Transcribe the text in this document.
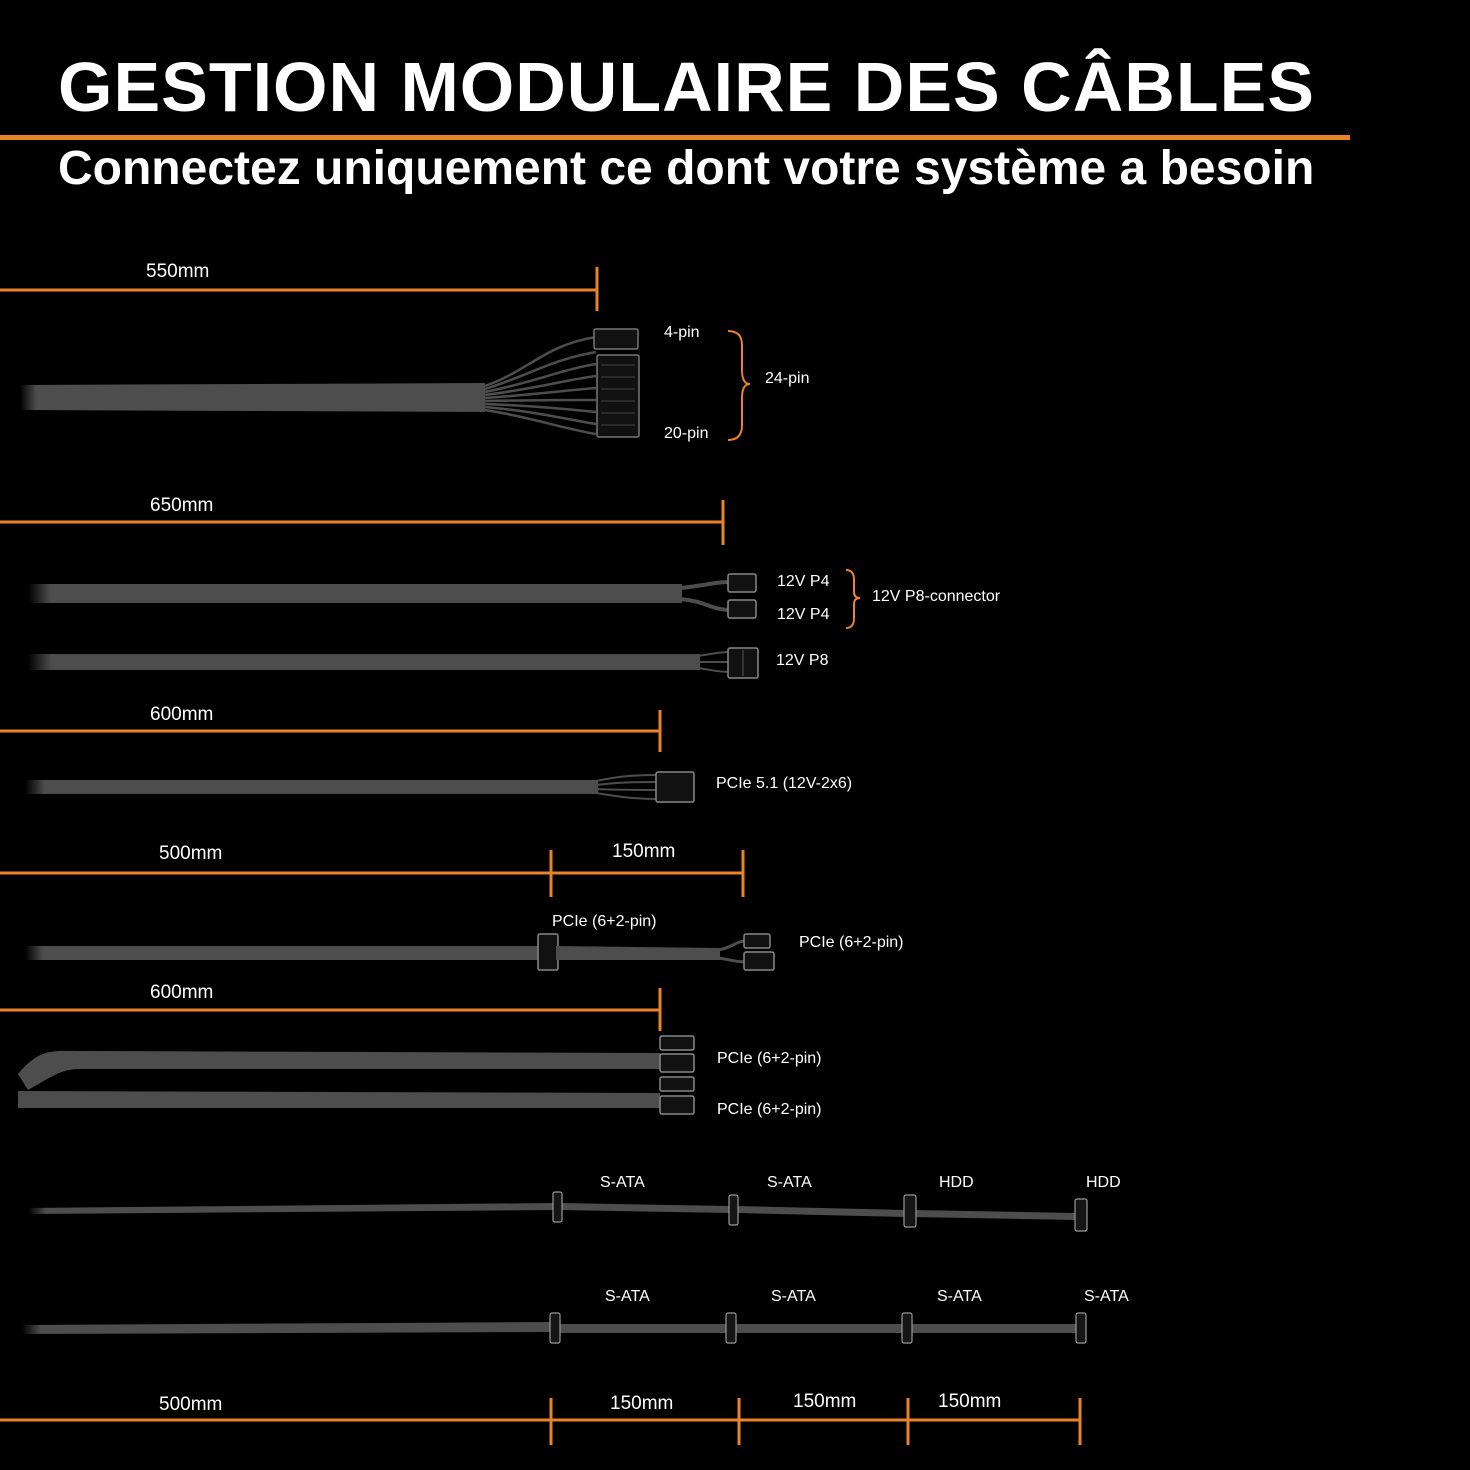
GESTION MODULAIRE DES CÂBLES
Connectez uniquement ce dont votre système a besoin
550mm
4-pin
20-pin
24-pin
650mm
12V P4
12V P4
12V P8-connector
12V P8
600mm
PCIe 5.1 (12V-2x6)
500mm	150mm
PCIe (6+2-pin)
PCIe (6+2-pin)
600mm
PCIe (6+2-pin)
PCIe (6+2-pin)
S-ATA	S-ATA	HDD	HDD
S-ATA	S-ATA	S-ATA	S-ATA
500mm	150mm	150mm	150mm
